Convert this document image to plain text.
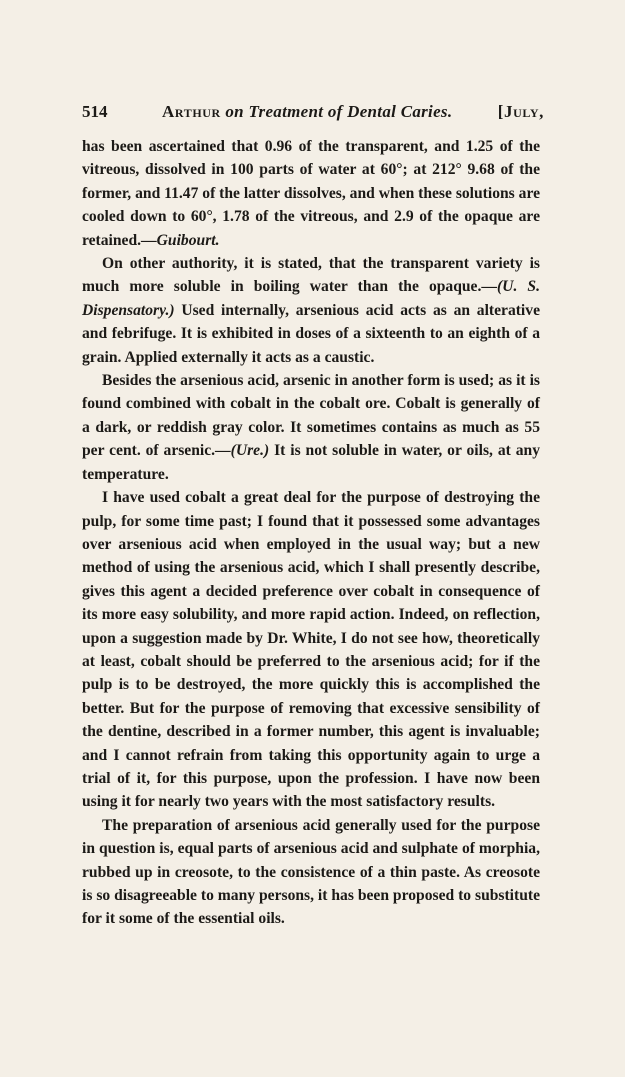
514	Arthur on Treatment of Dental Caries.	[July,

has been ascertained that 0.96 of the transparent, and 1.25 of the vitreous, dissolved in 100 parts of water at 60°; at 212° 9.68 of the former, and 11.47 of the latter dissolves, and when these solutions are cooled down to 60°, 1.78 of the vitreous, and 2.9 of the opaque are retained.—Guibourt.

On other authority, it is stated, that the transparent variety is much more soluble in boiling water than the opaque.—(U. S. Dispensatory.) Used internally, arsenious acid acts as an alterative and febrifuge. It is exhibited in doses of a sixteenth to an eighth of a grain. Applied externally it acts as a caustic.

Besides the arsenious acid, arsenic in another form is used; as it is found combined with cobalt in the cobalt ore. Cobalt is generally of a dark, or reddish gray color. It sometimes contains as much as 55 per cent. of arsenic.—(Ure.) It is not soluble in water, or oils, at any temperature.

I have used cobalt a great deal for the purpose of destroying the pulp, for some time past; I found that it possessed some advantages over arsenious acid when employed in the usual way; but a new method of using the arsenious acid, which I shall presently describe, gives this agent a decided preference over cobalt in consequence of its more easy solubility, and more rapid action. Indeed, on reflection, upon a suggestion made by Dr. White, I do not see how, theoretically at least, cobalt should be preferred to the arsenious acid; for if the pulp is to be destroyed, the more quickly this is accomplished the better. But for the purpose of removing that excessive sensibility of the dentine, described in a former number, this agent is invaluable; and I cannot refrain from taking this opportunity again to urge a trial of it, for this purpose, upon the profession. I have now been using it for nearly two years with the most satisfactory results.

The preparation of arsenious acid generally used for the purpose in question is, equal parts of arsenious acid and sulphate of morphia, rubbed up in creosote, to the consistence of a thin paste. As creosote is so disagreeable to many persons, it has been proposed to substitute for it some of the essential oils.
